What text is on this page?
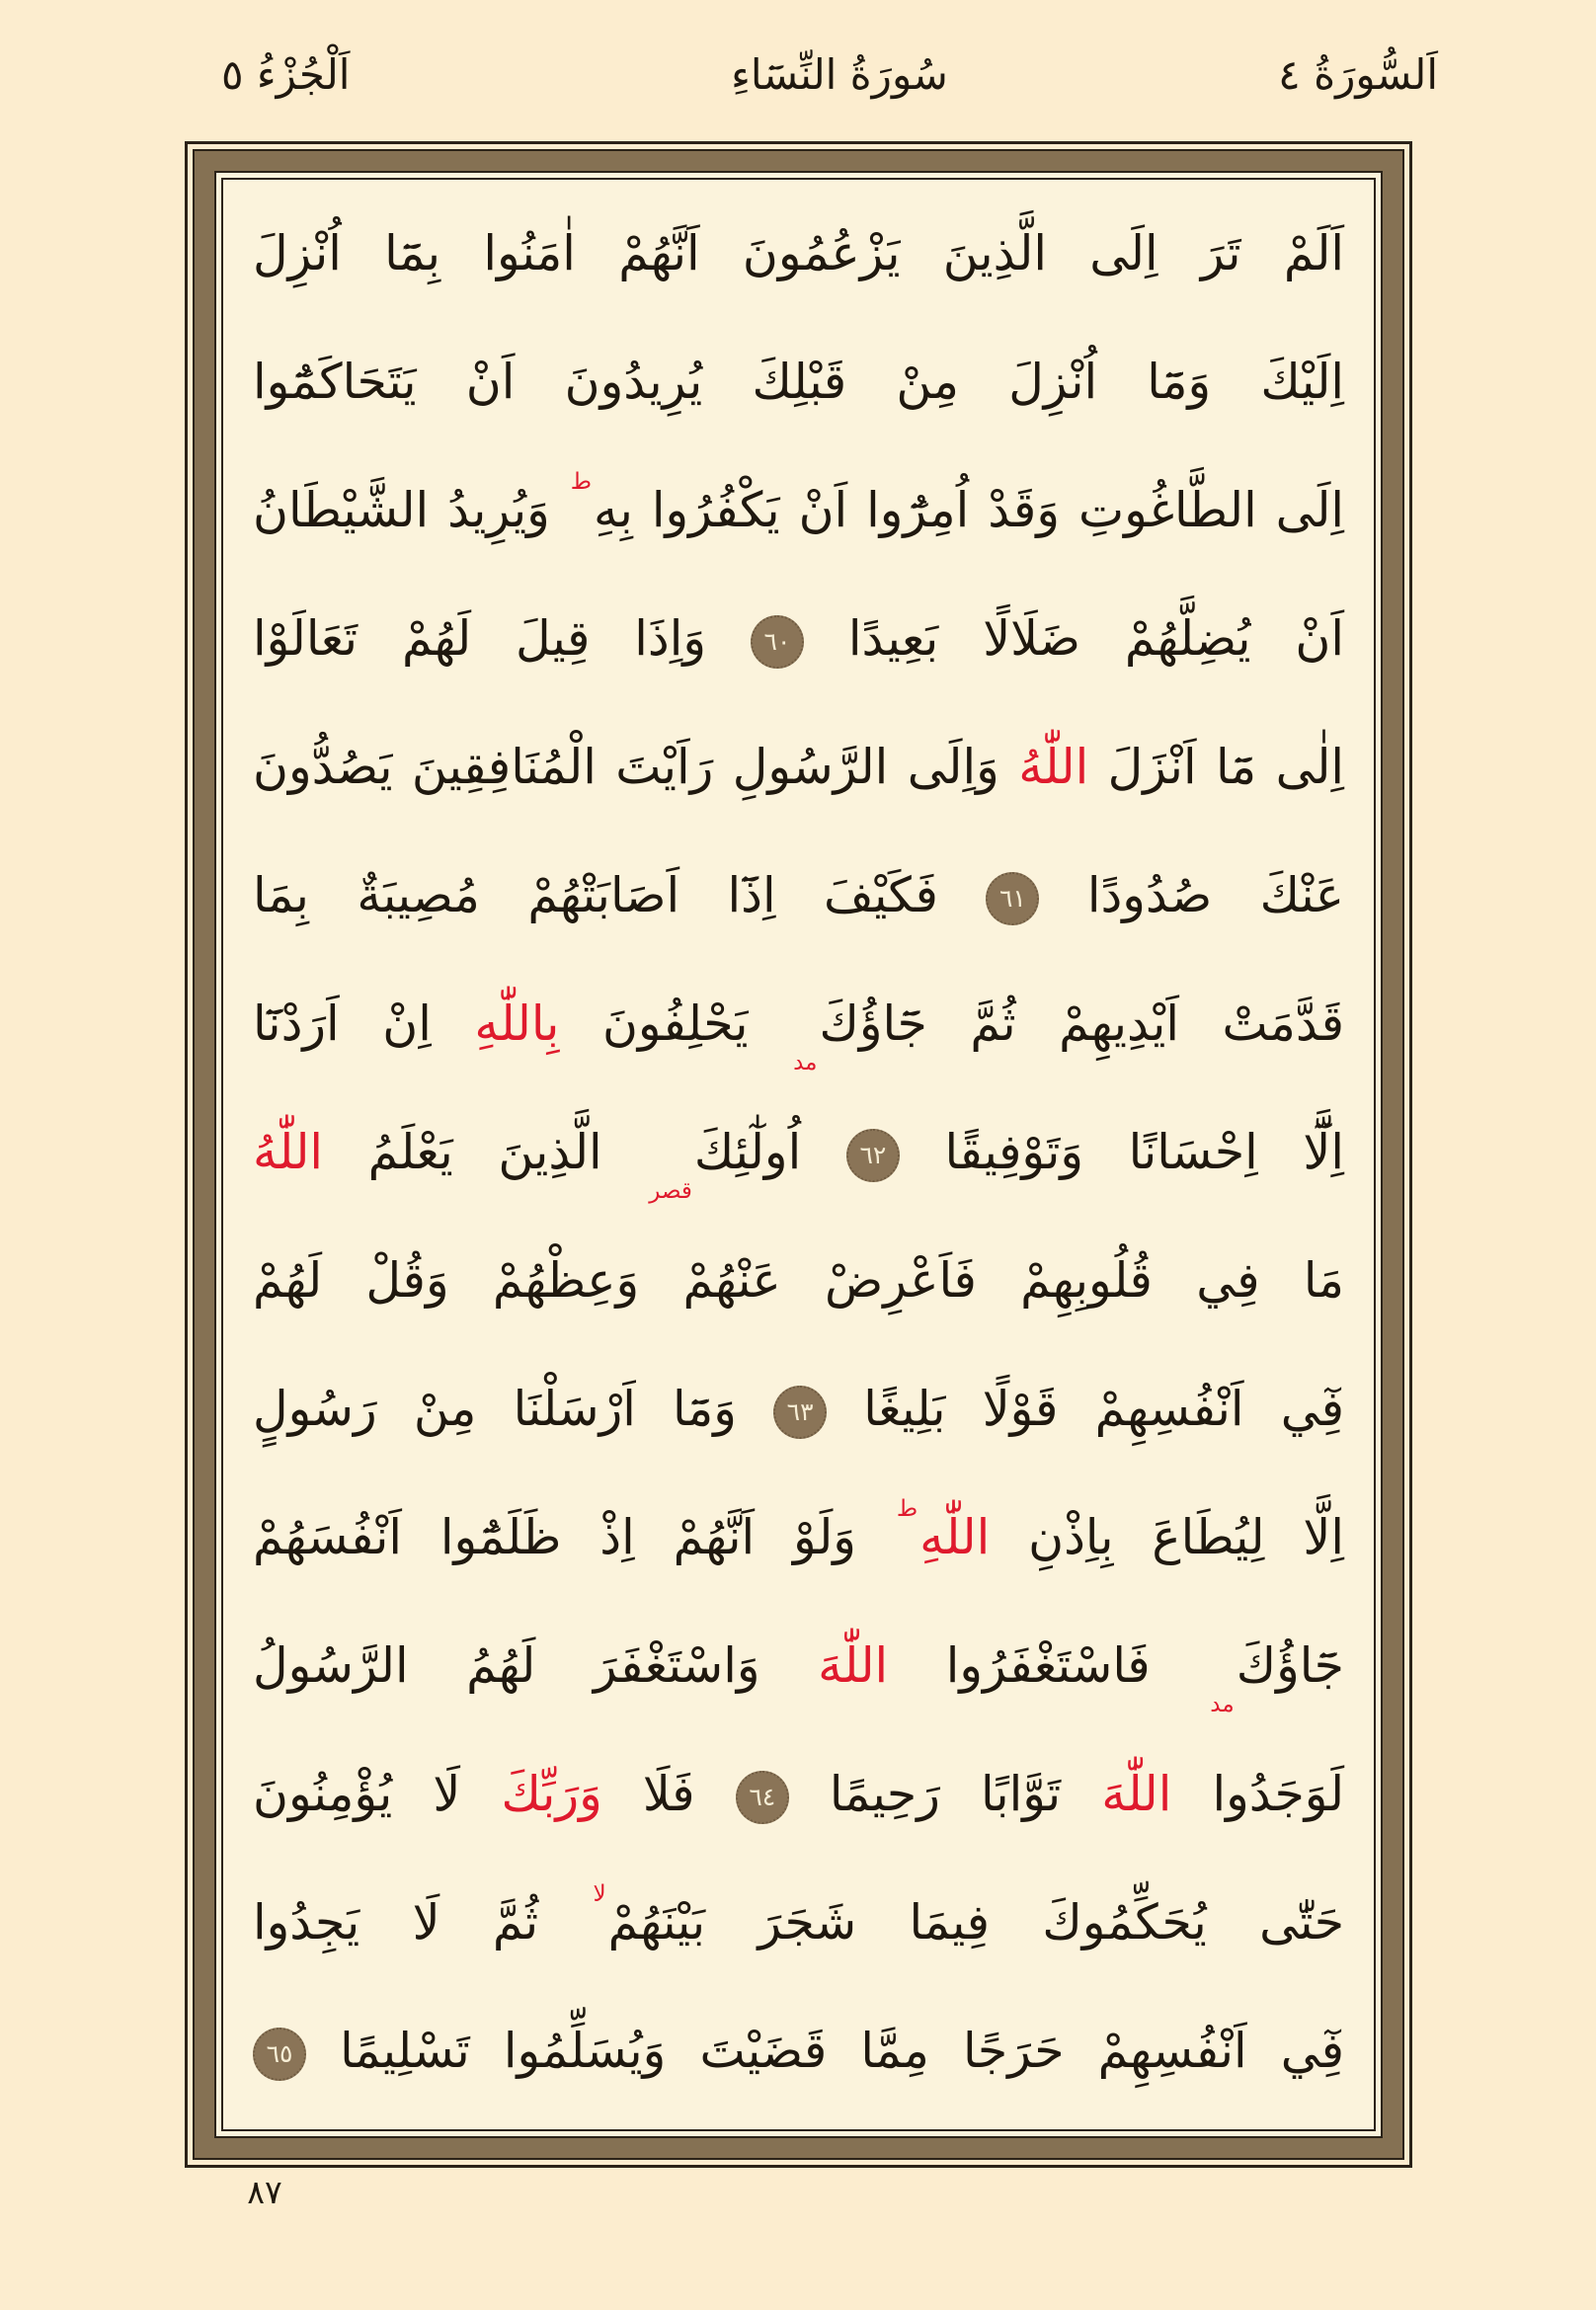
اَلسُّورَةُ ٤
سُورَةُ النِّسَٓاءِ
اَلْجُزْءُ ٥
اَلَمْ تَرَ اِلَى الَّذِينَ يَزْعُمُونَ اَنَّهُمْ اٰمَنُوا بِمَٓا اُنْزِلَ
اِلَيْكَ وَمَٓا اُنْزِلَ مِنْ قَبْلِكَ يُرِيدُونَ اَنْ يَتَحَاكَمُٓوا
اِلَى الطَّاغُوتِ وَقَدْ اُمِرُٓوا اَنْ يَكْفُرُوا بِهِط وَيُرِيدُ الشَّيْطَانُ
اَنْ يُضِلَّهُمْ ضَلَالًا بَعِيدًا ٦٠ وَاِذَا قِيلَ لَهُمْ تَعَالَوْا
اِلٰى مَٓا اَنْزَلَ اللّٰهُ وَاِلَى الرَّسُولِ رَاَيْتَ الْمُنَافِقِينَ يَصُدُّونَ
عَنْكَ صُدُودًا ٦١ فَكَيْفَ اِذَٓا اَصَابَتْهُمْ مُصِيبَةٌ بِمَا
قَدَّمَتْ اَيْدِيهِمْ ثُمَّ جَٓاؤُكَمد يَحْلِفُونَ بِاللّٰهِ اِنْ اَرَدْنَٓا
اِلَّٓا اِحْسَانًا وَتَوْفِيقًا ٦٢ اُولٰٓئِكَقصر الَّذِينَ يَعْلَمُ اللّٰهُ
مَا فِي قُلُوبِهِمْ فَاَعْرِضْ عَنْهُمْ وَعِظْهُمْ وَقُلْ لَهُمْ
فِٓي اَنْفُسِهِمْ قَوْلًا بَلِيغًا ٦٣ وَمَٓا اَرْسَلْنَا مِنْ رَسُولٍ
اِلَّا لِيُطَاعَ بِاِذْنِ اللّٰهِط وَلَوْ اَنَّهُمْ اِذْ ظَلَمُٓوا اَنْفُسَهُمْ
جَٓاؤُكَمد فَاسْتَغْفَرُوا اللّٰهَ وَاسْتَغْفَرَ لَهُمُ الرَّسُولُ
لَوَجَدُوا اللّٰهَ تَوَّابًا رَحِيمًا ٦٤ فَلَا وَرَبِّكَ لَا يُؤْمِنُونَ
حَتّٰى يُحَكِّمُوكَ فِيمَا شَجَرَ بَيْنَهُمْلا ثُمَّ لَا يَجِدُوا
فِٓي اَنْفُسِهِمْ حَرَجًا مِمَّا قَضَيْتَ وَيُسَلِّمُوا تَسْلِيمًا ٦٥
٨٧
